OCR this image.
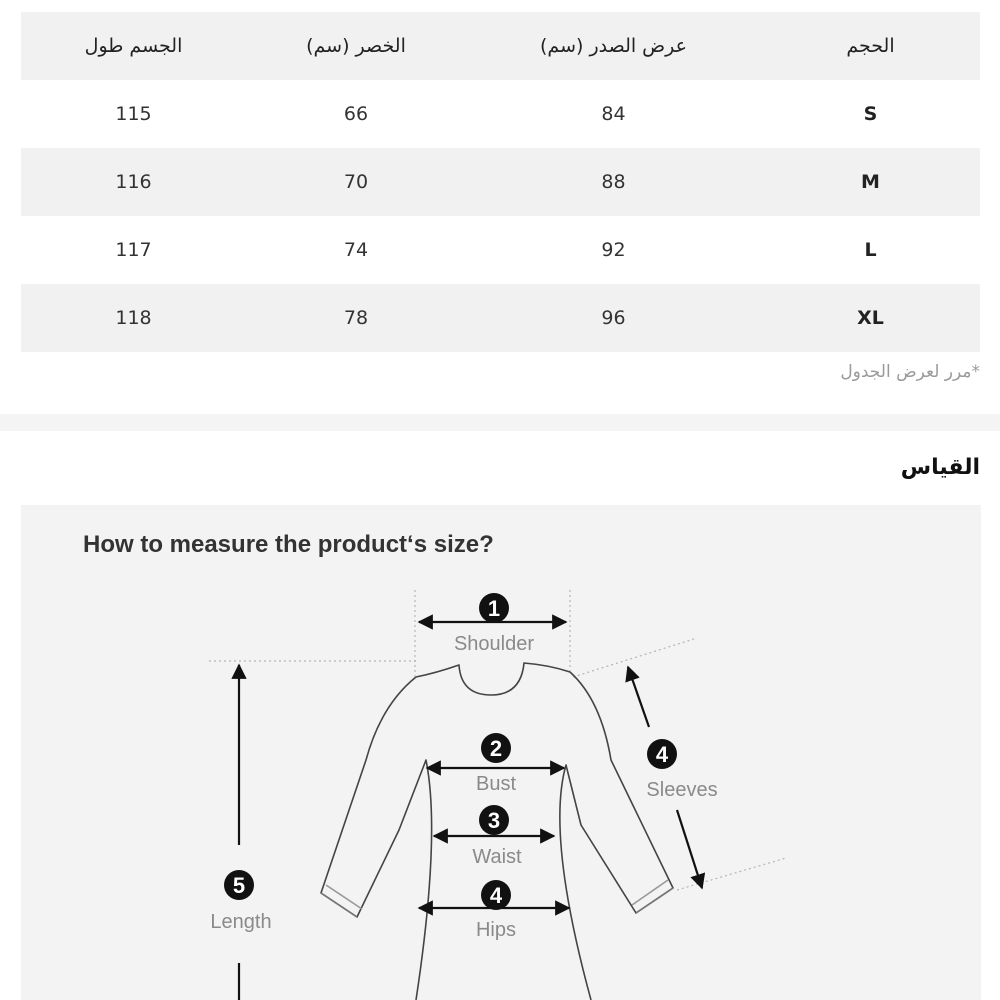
الجسم طول	الخصر (سم)	عرض الصدر (سم)	الحجم
115	66	84	S
116	70	88	M
117	74	92	L
118	78	96	XL
*مرر لعرض الجدول
القياس
How to measure the product‘s size?
1
Shoulder
2
Bust
3
Waist
4
Hips
4
Sleeves
5
Length
